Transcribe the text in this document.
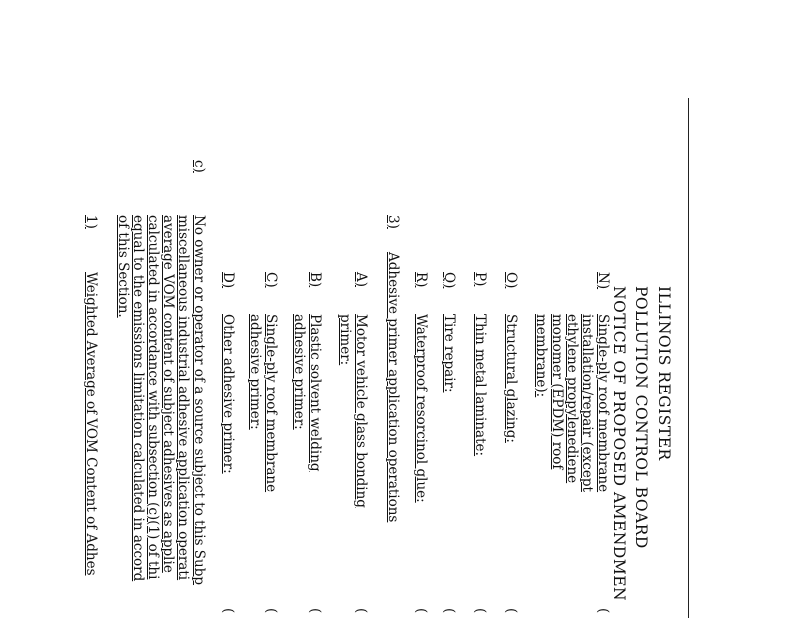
ILLINOIS REGISTER
POLLUTION CONTROL BOARD
NOTICE OF PROPOSED AMENDMEN
N)
Single-ply roof membrane
installation/repair (except
ethylene propylenediene
monomer (EPDM) roof
membrane):
(
O)
Structural glazing:
(
P)
Thin metal laminate:
(
Q)
Tire repair:
(
R)
Waterproof resorcinol glue:
(
3)
Adhesive primer application operations
A)
Motor vehicle glass bonding
primer:
(
B)
Plastic solvent welding
adhesive primer:
(
C)
Single-ply roof membrane
adhesive primer:
(
D)
Other adhesive primer:
(
c)
No owner or operator of a source subject to this Subp
miscellaneous industrial adhesive application operati
average VOM content of subject adhesives as applie
calculated in accordance with subsection (c)(1) of thi
equal to the emissions limitation calculated in accord
of this Section.
1)
Weighted Average of VOM Content of Adhes
